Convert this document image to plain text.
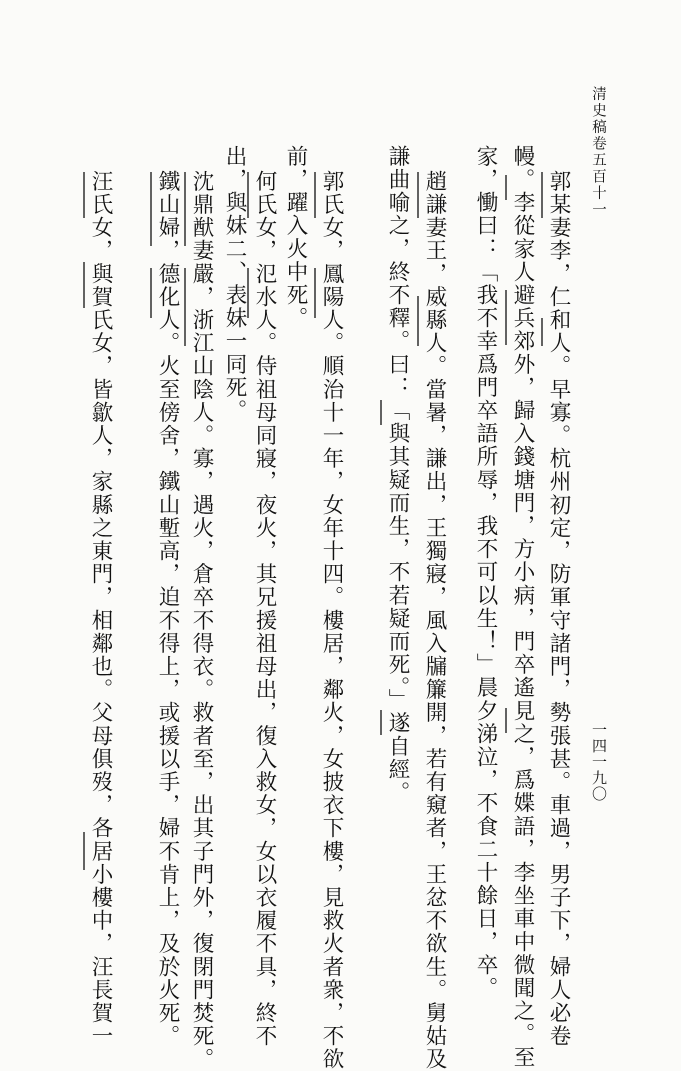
清史稿卷五百十一
一四一九〇
郭某妻李，仁和人。早寡。杭州初定，防軍守諸門，勢張甚。車過，男子下，婦人必卷
幔。李從家人避兵郊外，歸入錢塘門，方小病，門卒遙見之，爲媟語，李坐車中微聞之。至
家，慟曰：「我不幸爲門卒語所辱，我不可以生！」晨夕涕泣，不食二十餘日，卒。
趙謙妻王，威縣人。當暑，謙出，王獨寢，風入牖簾開，若有窺者，王忿不欲生。舅姑及
謙曲喻之，終不釋。曰：「與其疑而生，不若疑而死。」遂自經。
郭氏女，鳳陽人。順治十一年，女年十四。樓居，鄰火，女披衣下樓，見救火者衆，不欲
前，躍入火中死。
何氏女，氾水人。侍祖母同寢，夜火，其兄援祖母出，復入救女，女以衣履不具，終不
出，與妹二、表妹一同死。
沈鼎猷妻嚴，浙江山陰人。寡，遇火，倉卒不得衣。救者至，出其子門外，復閉門焚死。
鐵山婦，德化人。火至傍舍，鐵山塹高，迫不得上，或援以手，婦不肯上，及於火死。
汪氏女，與賀氏女，皆歙人，家縣之東門，相鄰也。父母俱歿，各居小樓中，汪長賀一
